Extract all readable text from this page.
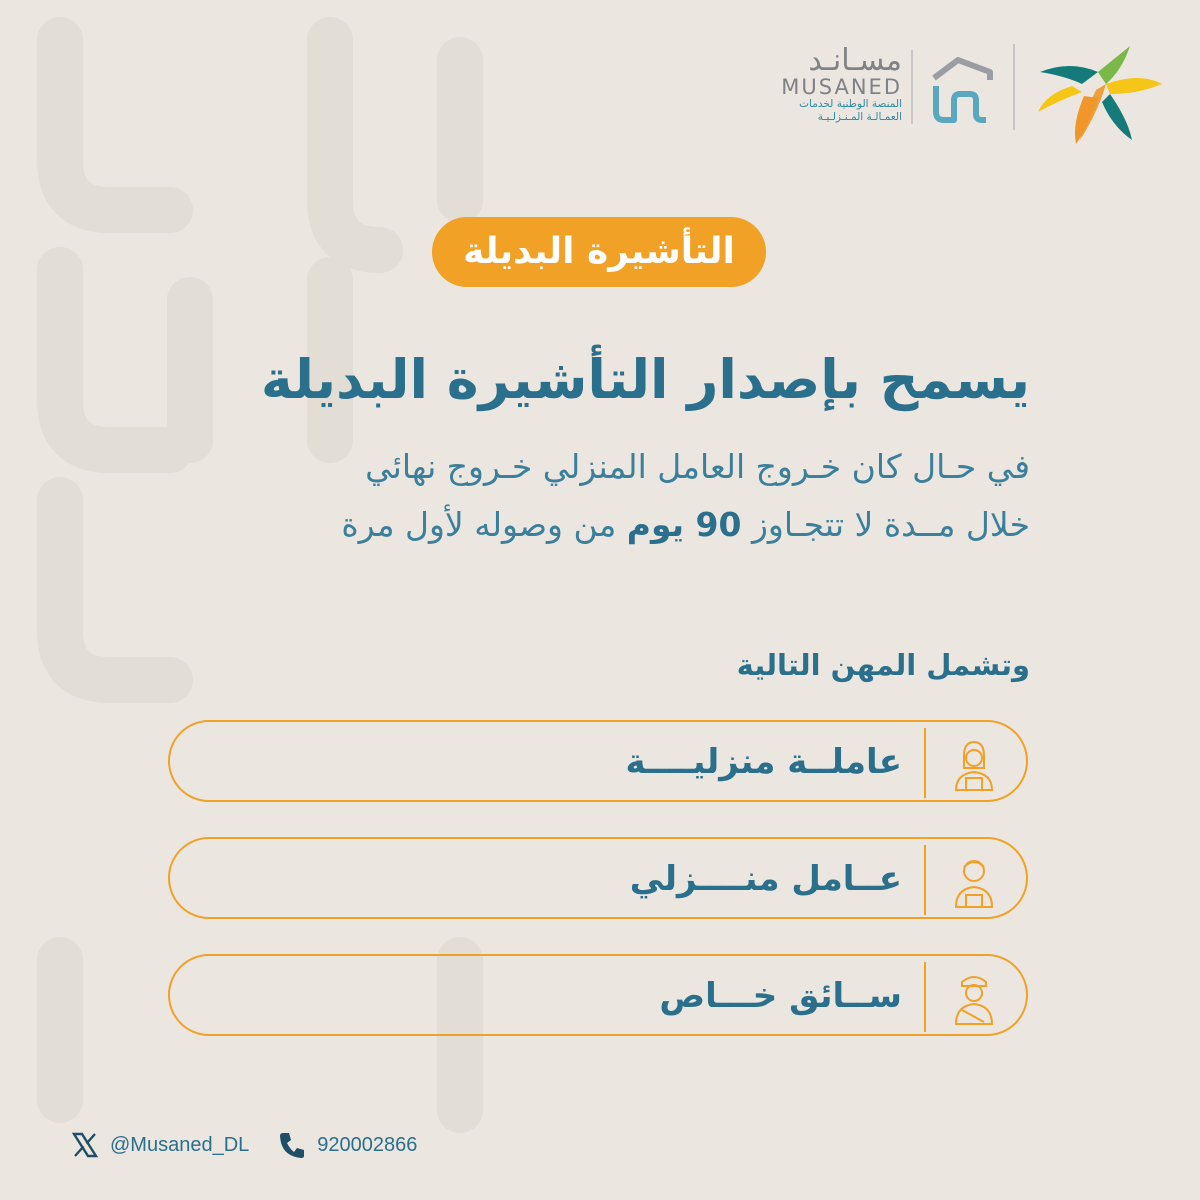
مسـانـد
MUSANED
المنصة الوطنية لخدمات
العمـالـة المـنـزلـيـة
التأشيرة البديلة
يسمح بإصدار التأشيرة البديلة
في حـال كان خـروج العامل المنزلي خـروج نهائي
خلال مــدة لا تتجـاوز 90 يوم من وصوله لأول مرة
وتشمل المهن التالية
عاملــة منزليــــة
عــامل منــــزلي
ســائق خـــاص
@Musaned_DL	920002866
